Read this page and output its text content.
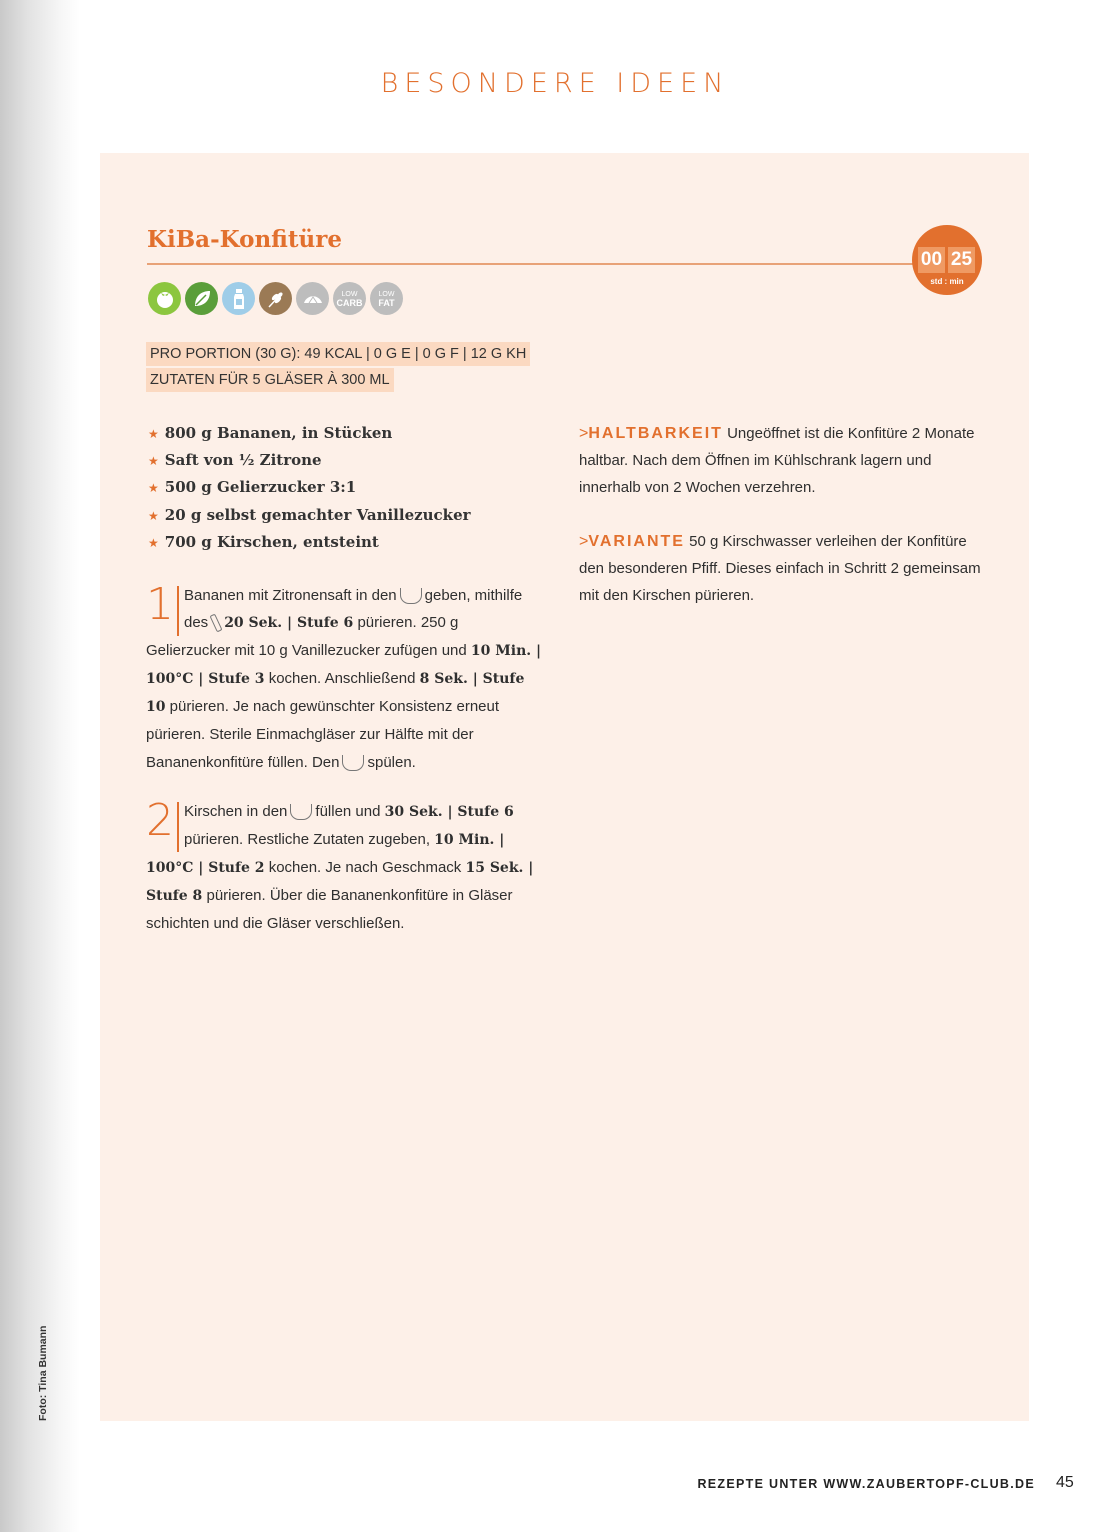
BESONDERE IDEEN
KiBa-Konfitüre
00 25
std : min
LOW
CARB
LOW
FAT
PRO PORTION (30 G): 49 KCAL | 0 G E | 0 G F | 12 G KH
ZUTATEN FÜR 5 GLÄSER À 300 ML
★ 800 g Bananen, in Stücken
★ Saft von ½ Zitrone
★ 500 g Gelierzucker 3:1
★ 20 g selbst gemachter Vanillezucker
★ 700 g Kirschen, entsteint
1 Bananen mit Zitronensaft in den geben, mithilfe des 20 Sek. | Stufe 6 pürieren. 250 g Gelierzucker mit 10 g Vanillezucker zufügen und 10 Min. | 100°C | Stufe 3 kochen. Anschließend 8 Sek. | Stufe 10 pürieren. Je nach gewünschter Konsistenz erneut pürieren. Sterile Einmachgläser zur Hälfte mit der Bananenkonfitüre füllen. Den spülen.
2 Kirschen in den füllen und 30 Sek. | Stufe 6 pürieren. Restliche Zutaten zugeben, 10 Min. | 100°C | Stufe 2 kochen. Je nach Geschmack 15 Sek. | Stufe 8 pürieren. Über die Bananenkonfitüre in Gläser schichten und die Gläser verschließen.
>HALTBARKEIT Ungeöffnet ist die Konfitüre 2 Monate haltbar. Nach dem Öffnen im Kühlschrank lagern und innerhalb von 2 Wochen verzehren.
>VARIANTE 50 g Kirschwasser verleihen der Konfitüre den besonderen Pfiff. Dieses einfach in Schritt 2 gemeinsam mit den Kirschen pürieren.
Foto: Tina Bumann
REZEPTE UNTER WWW.ZAUBERTOPF-CLUB.DE 45
